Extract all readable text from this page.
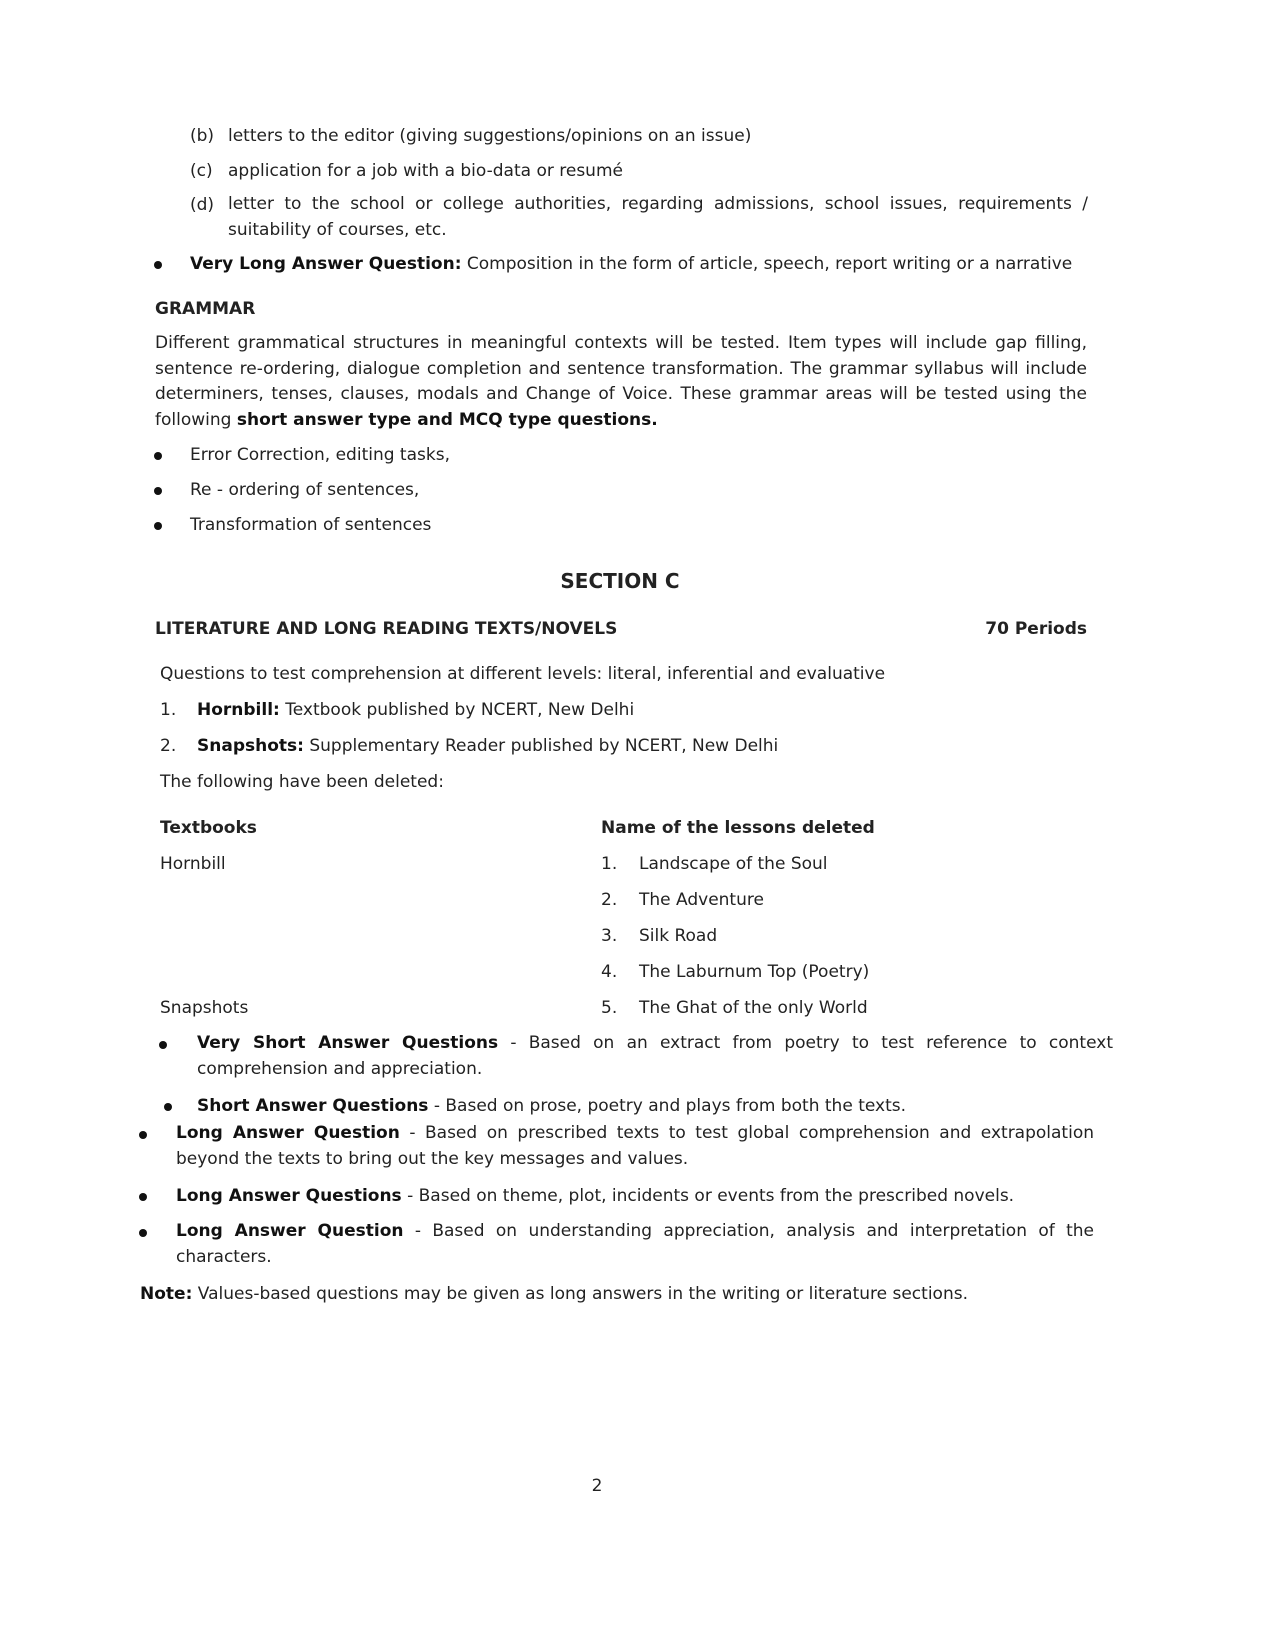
(b) letters to the editor (giving suggestions/opinions on an issue)
(c) application for a job with a bio-data or resumé
(d) letter to the school or college authorities, regarding admissions, school issues, requirements / suitability of courses, etc.
Very Long Answer Question: Composition in the form of article, speech, report writing or a narrative
GRAMMAR
Different grammatical structures in meaningful contexts will be tested. Item types will include gap filling, sentence re-ordering, dialogue completion and sentence transformation. The grammar syllabus will include determiners, tenses, clauses, modals and Change of Voice. These grammar areas will be tested using the following short answer type and MCQ type questions.
Error Correction, editing tasks,
Re - ordering of sentences,
Transformation of sentences
SECTION C
LITERATURE AND LONG READING TEXTS/NOVELS	70 Periods
Questions to test comprehension at different levels: literal, inferential and evaluative
1. Hornbill: Textbook published by NCERT, New Delhi
2. Snapshots: Supplementary Reader published by NCERT, New Delhi
The following have been deleted:
Textbooks	Name of the lessons deleted
Hornbill
Snapshots
1. Landscape of the Soul
2. The Adventure
3. Silk Road
4. The Laburnum Top (Poetry)
5. The Ghat of the only World
Very Short Answer Questions - Based on an extract from poetry to test reference to context comprehension and appreciation.
Short Answer Questions - Based on prose, poetry and plays from both the texts.
Long Answer Question - Based on prescribed texts to test global comprehension and extrapolation beyond the texts to bring out the key messages and values.
Long Answer Questions - Based on theme, plot, incidents or events from the prescribed novels.
Long Answer Question - Based on understanding appreciation, analysis and interpretation of the characters.
Note: Values-based questions may be given as long answers in the writing or literature sections.
2
